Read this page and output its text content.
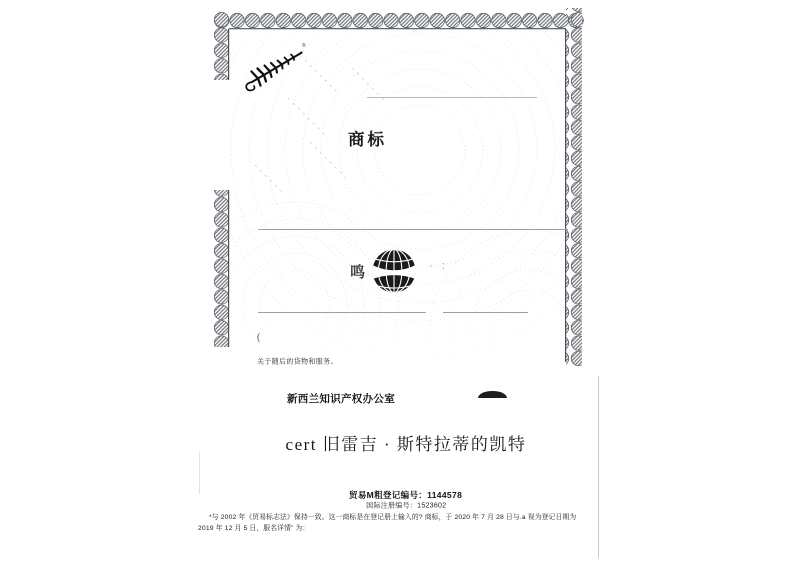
®
商标
鸣	· :
(
关于随后的货物和服务。
新西兰知识产权办公室
cert 旧雷吉 · 斯特拉蒂的凯特
贸易M粗登记编号：1144578
国际注册编号：1523602
*与 2002 年《贸易标志法》保持一致。这一商标是在登记册上输入的? 商标，于 2020 年 7 月 28 日与.a 视为登记日期为
2019 年 12 月 5 日，服名详情” 为：
